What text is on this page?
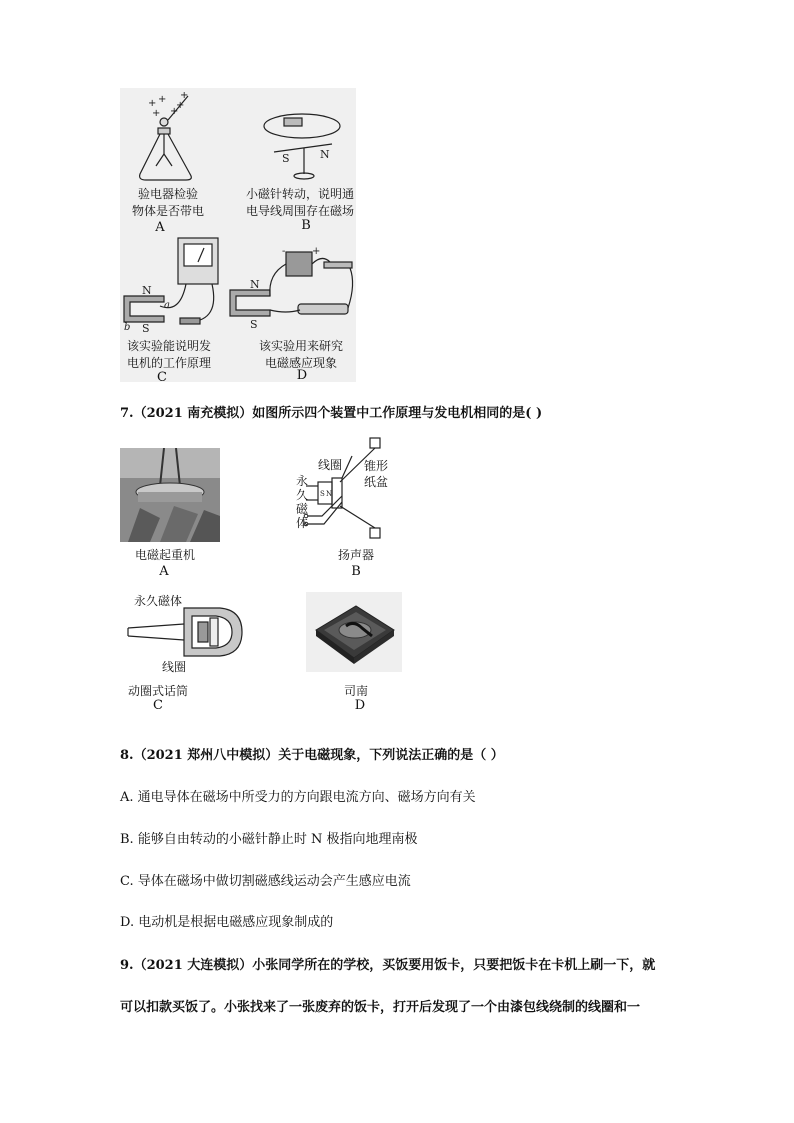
+ +
+
+
+
+
验电器检验
物体是否带电
A
S	N
小磁针转动，说明通
电导线周围存在磁场
B
N
S
a
b
该实验能说明发
电机的工作原理
C
-	+
N
S
该实验用来研究
电磁感应现象
D
7.（2021 南充模拟）如图所示四个装置中工作原理与发电机相同的是( )
电磁起重机
A
S N
线圈 锥形
纸盆
永久磁体
扬声器
B
永久磁体
线圈
动圈式话筒
C
司南
D
8.（2021 郑州八中模拟）关于电磁现象，下列说法正确的是（ ）
A. 通电导体在磁场中所受力的方向跟电流方向、磁场方向有关
B. 能够自由转动的小磁针静止时 N 极指向地理南极
C. 导体在磁场中做切割磁感线运动会产生感应电流
D. 电动机是根据电磁感应现象制成的
9.（2021 大连模拟）小张同学所在的学校，买饭要用饭卡，只要把饭卡在卡机上刷一下，就
可以扣款买饭了。小张找来了一张废弃的饭卡，打开后发现了一个由漆包线绕制的线圈和一
